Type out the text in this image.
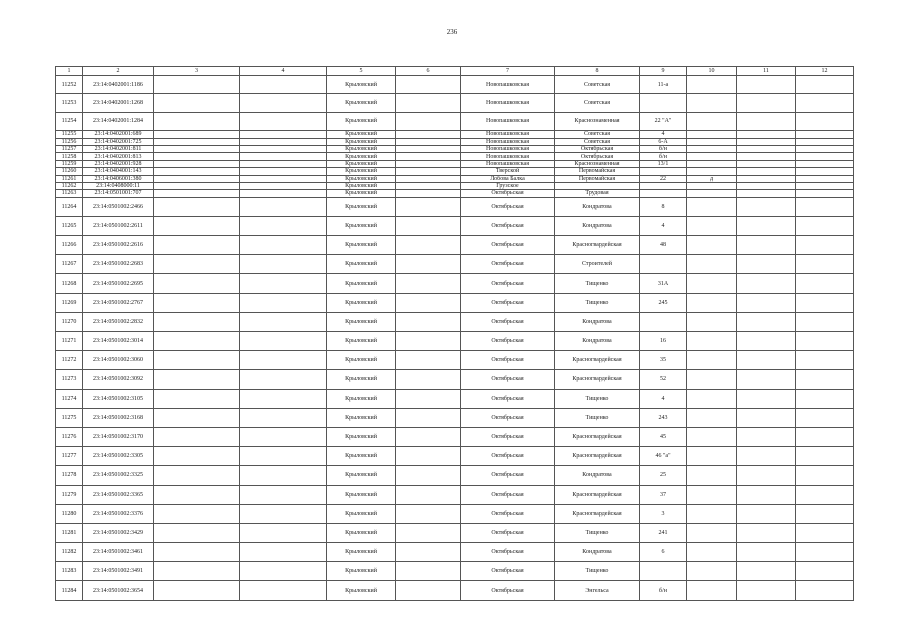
236
1	2	3	4	5	6	7	8	9	10	11	12
11252	23:14:0402001:1186			Крыловский		Новопашковская	Советская	11-а			
11253	23:14:0402001:1268			Крыловский		Новопашковская	Советская				
11254	23:14:0402001:1284			Крыловский		Новопашковская	Краснознаменная	22 "А"			
11255	23:14:0402001:689			Крыловский		Новопашковская	Советская	4			
11256	23:14:0402001:725			Крыловский		Новопашковская	Советская	6-А			
11257	23:14:0402001:811			Крыловский		Новопашковская	Октябрьская	б/н			
11258	23:14:0402001:813			Крыловский		Новопашковская	Октябрьская	б/н			
11259	23:14:0402001:928			Крыловский		Новопашковская	Краснознаменная	13/1			
11260	23:14:0404001:143			Крыловский		Тверской	Первомайская				
11261	23:14:0406001:380			Крыловский		Лобова Балка	Первомайская	22	д		
11262	23:14:0408000:11			Крыловский		Грузское					
11263	23:14:0501001:707			Крыловский		Октябрьская	Трудовая				
11264	23:14:0501002:2466			Крыловский		Октябрьская	Кондратова	8			
11265	23:14:0501002:2611			Крыловский		Октябрьская	Кондратова	4			
11266	23:14:0501002:2616			Крыловский		Октябрьская	Красногвардейская	48			
11267	23:14:0501002:2683			Крыловский		Октябрьская	Строителей				
11268	23:14:0501002:2695			Крыловский		Октябрьская	Тищенко	31А			
11269	23:14:0501002:2767			Крыловский		Октябрьская	Тищенко	245			
11270	23:14:0501002:2832			Крыловский		Октябрьская	Кондратова				
11271	23:14:0501002:3014			Крыловский		Октябрьская	Кондратова	16			
11272	23:14:0501002:3060			Крыловский		Октябрьская	Красногвардейская	35			
11273	23:14:0501002:3092			Крыловский		Октябрьская	Красногвардейская	52			
11274	23:14:0501002:3105			Крыловский		Октябрьская	Тищенко	4			
11275	23:14:0501002:3168			Крыловский		Октябрьская	Тищенко	243			
11276	23:14:0501002:3170			Крыловский		Октябрьская	Красногвардейская	45			
11277	23:14:0501002:3305			Крыловский		Октябрьская	Красногвардейская	46 "а"			
11278	23:14:0501002:3325			Крыловский		Октябрьская	Кондратова	25			
11279	23:14:0501002:3365			Крыловский		Октябрьская	Красногвардейская	37			
11280	23:14:0501002:3376			Крыловский		Октябрьская	Красногвардейская	3			
11281	23:14:0501002:3429			Крыловский		Октябрьская	Тищенко	241			
11282	23:14:0501002:3461			Крыловский		Октябрьская	Кондратова	6			
11283	23:14:0501002:3491			Крыловский		Октябрьская	Тищенко				
11284	23:14:0501002:3654			Крыловский		Октябрьская	Энгельса	б/н			
